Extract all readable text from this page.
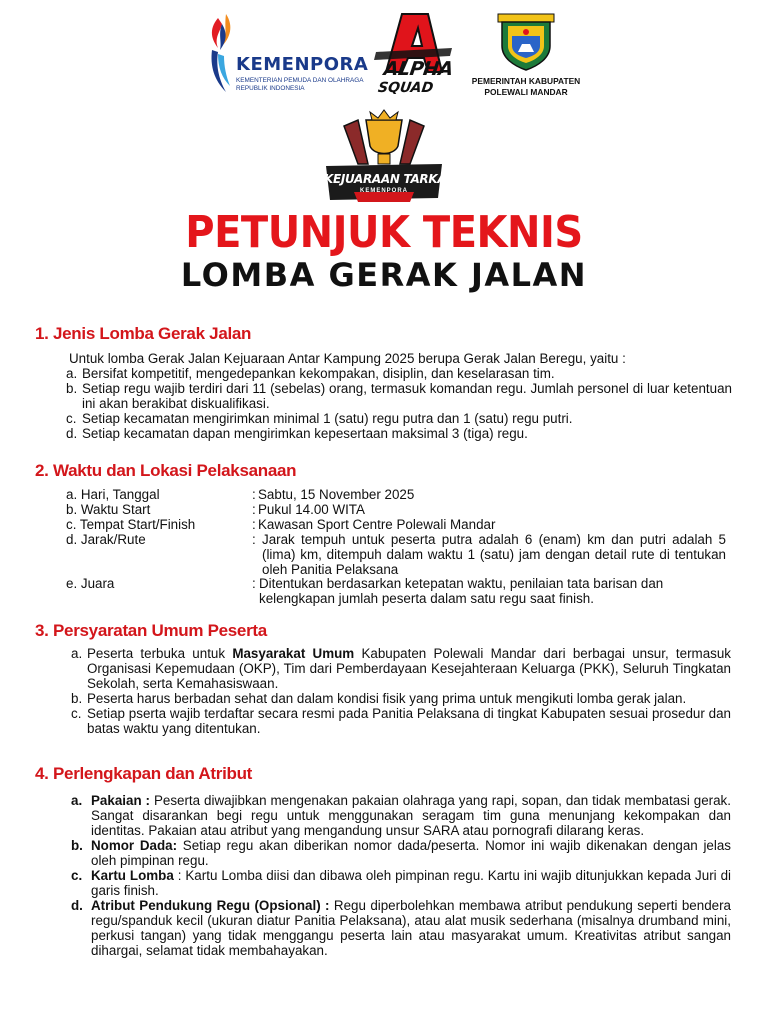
KEMENPORA
KEMENTERIAN PEMUDA DAN OLAHRAGA
REPUBLIK INDONESIA
ALPHA
SQUAD	PEMERINTAH KABUPATEN
POLEWALI MANDAR
KEJUARAAN TARKAM
KEMENPORA
PETUNJUK TEKNIS
LOMBA GERAK JALAN
1. Jenis Lomba Gerak Jalan
Untuk lomba Gerak Jalan Kejuaraan Antar Kampung 2025 berupa Gerak Jalan Beregu, yaitu :
a. Bersifat kompetitif, mengedepankan kekompakan, disiplin, dan keselarasan tim.
b. Setiap regu wajib terdiri dari 11 (sebelas) orang, termasuk komandan regu. Jumlah personel di luar ketentuan ini akan berakibat diskualifikasi.
c. Setiap kecamatan mengirimkan minimal 1 (satu) regu putra dan 1 (satu) regu putri.
d. Setiap kecamatan dapan mengirimkan kepesertaan maksimal 3 (tiga) regu.
2. Waktu dan Lokasi Pelaksanaan
a. Hari, Tanggal	: Sabtu, 15 November 2025
b. Waktu Start	: Pukul 14.00 WITA
c. Tempat Start/Finish	: Kawasan Sport Centre Polewali Mandar
d. Jarak/Rute	: Jarak tempuh untuk peserta putra adalah 6 (enam) km dan putri adalah 5 (lima) km, ditempuh dalam waktu 1 (satu) jam dengan detail rute di tentukan oleh Panitia Pelaksana
e. Juara	: Ditentukan berdasarkan ketepatan waktu, penilaian tata barisan dan kelengkapan jumlah peserta dalam satu regu saat finish.
3. Persyaratan Umum Peserta
a. Peserta terbuka untuk Masyarakat Umum Kabupaten Polewali Mandar dari berbagai unsur, termasuk Organisasi Kepemudaan (OKP), Tim dari Pemberdayaan Kesejahteraan Keluarga (PKK), Seluruh Tingkatan Sekolah, serta Kemahasiswaan.
b. Peserta harus berbadan sehat dan dalam kondisi fisik yang prima untuk mengikuti lomba gerak jalan.
c. Setiap pserta wajib terdaftar secara resmi pada Panitia Pelaksana di tingkat Kabupaten sesuai prosedur dan batas waktu yang ditentukan.
4. Perlengkapan dan Atribut
a. Pakaian : Peserta diwajibkan mengenakan pakaian olahraga yang rapi, sopan, dan tidak membatasi gerak. Sangat disarankan begi regu untuk menggunakan seragam tim guna menunjang kekompakan dan identitas. Pakaian atau atribut yang mengandung unsur SARA atau pornografi dilarang keras.
b. Nomor Dada: Setiap regu akan diberikan nomor dada/peserta. Nomor ini wajib dikenakan dengan jelas oleh pimpinan regu.
c. Kartu Lomba : Kartu Lomba diisi dan dibawa oleh pimpinan regu. Kartu ini wajib ditunjukkan kepada Juri di garis finish.
d. Atribut Pendukung Regu (Opsional) : Regu diperbolehkan membawa atribut pendukung seperti bendera regu/spanduk kecil (ukuran diatur Panitia Pelaksana), atau alat musik sederhana (misalnya drumband mini, perkusi tangan) yang tidak menggangu peserta lain atau masyarakat umum. Kreativitas atribut sangan dihargai, selamat tidak membahayakan.
